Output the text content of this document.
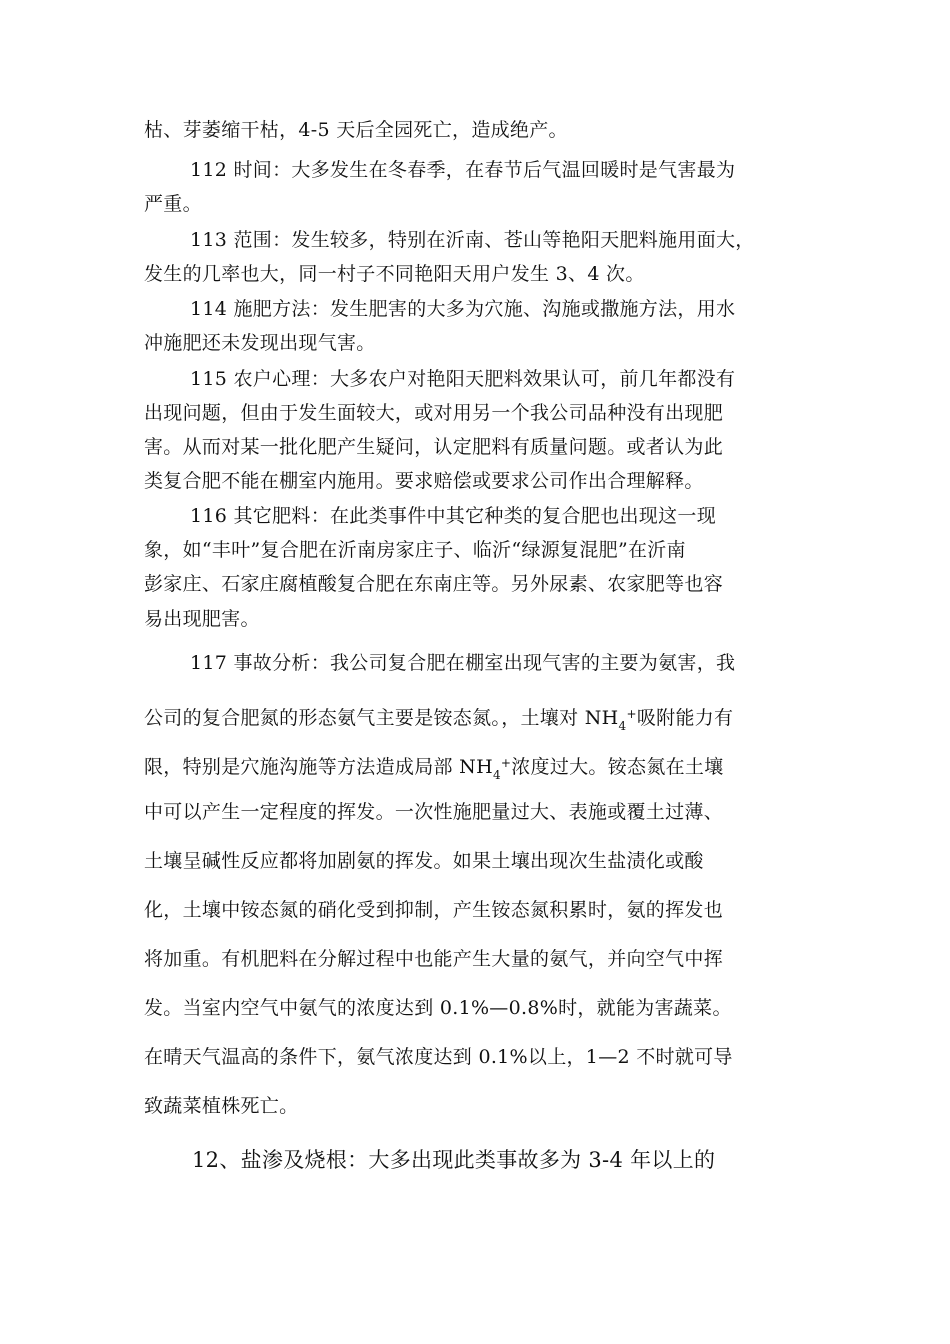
枯、芽萎缩干枯，4-5 天后全园死亡，造成绝产。
112 时间：大多发生在冬春季，在春节后气温回暖时是气害最为
严重。
113 范围：发生较多，特别在沂南、苍山等艳阳天肥料施用面大，
发生的几率也大，同一村子不同艳阳天用户发生 3、4 次。
114 施肥方法：发生肥害的大多为穴施、沟施或撒施方法，用水
冲施肥还未发现出现气害。
115 农户心理：大多农户对艳阳天肥料效果认可，前几年都没有
出现问题，但由于发生面较大，或对用另一个我公司品种没有出现肥
害。从而对某一批化肥产生疑问，认定肥料有质量问题。或者认为此
类复合肥不能在棚室内施用。要求赔偿或要求公司作出合理解释。
116 其它肥料：在此类事件中其它种类的复合肥也出现这一现
象，如“丰叶”复合肥在沂南房家庄子、临沂“绿源复混肥”在沂南
彭家庄、石家庄腐植酸复合肥在东南庄等。另外尿素、农家肥等也容
易出现肥害。
117 事故分析：我公司复合肥在棚室出现气害的主要为氨害，我
公司的复合肥氮的形态氨气主要是铵态氮。，土壤对 $NH_4^+$吸附能力有
限，特别是穴施沟施等方法造成局部 $NH_4^+$浓度过大。铵态氮在土壤
中可以产生一定程度的挥发。一次性施肥量过大、表施或覆土过薄、
土壤呈碱性反应都将加剧氨的挥发。如果土壤出现次生盐渍化或酸
化，土壤中铵态氮的硝化受到抑制，产生铵态氮积累时，氨的挥发也
将加重。有机肥料在分解过程中也能产生大量的氨气，并向空气中挥
发。当室内空气中氨气的浓度达到 0.1%—0.8%时，就能为害蔬菜。
在晴天气温高的条件下，氨气浓度达到 0.1%以上，1—2 不时就可导
致蔬菜植株死亡。
12、盐渗及烧根：大多出现此类事故多为 3-4 年以上的
